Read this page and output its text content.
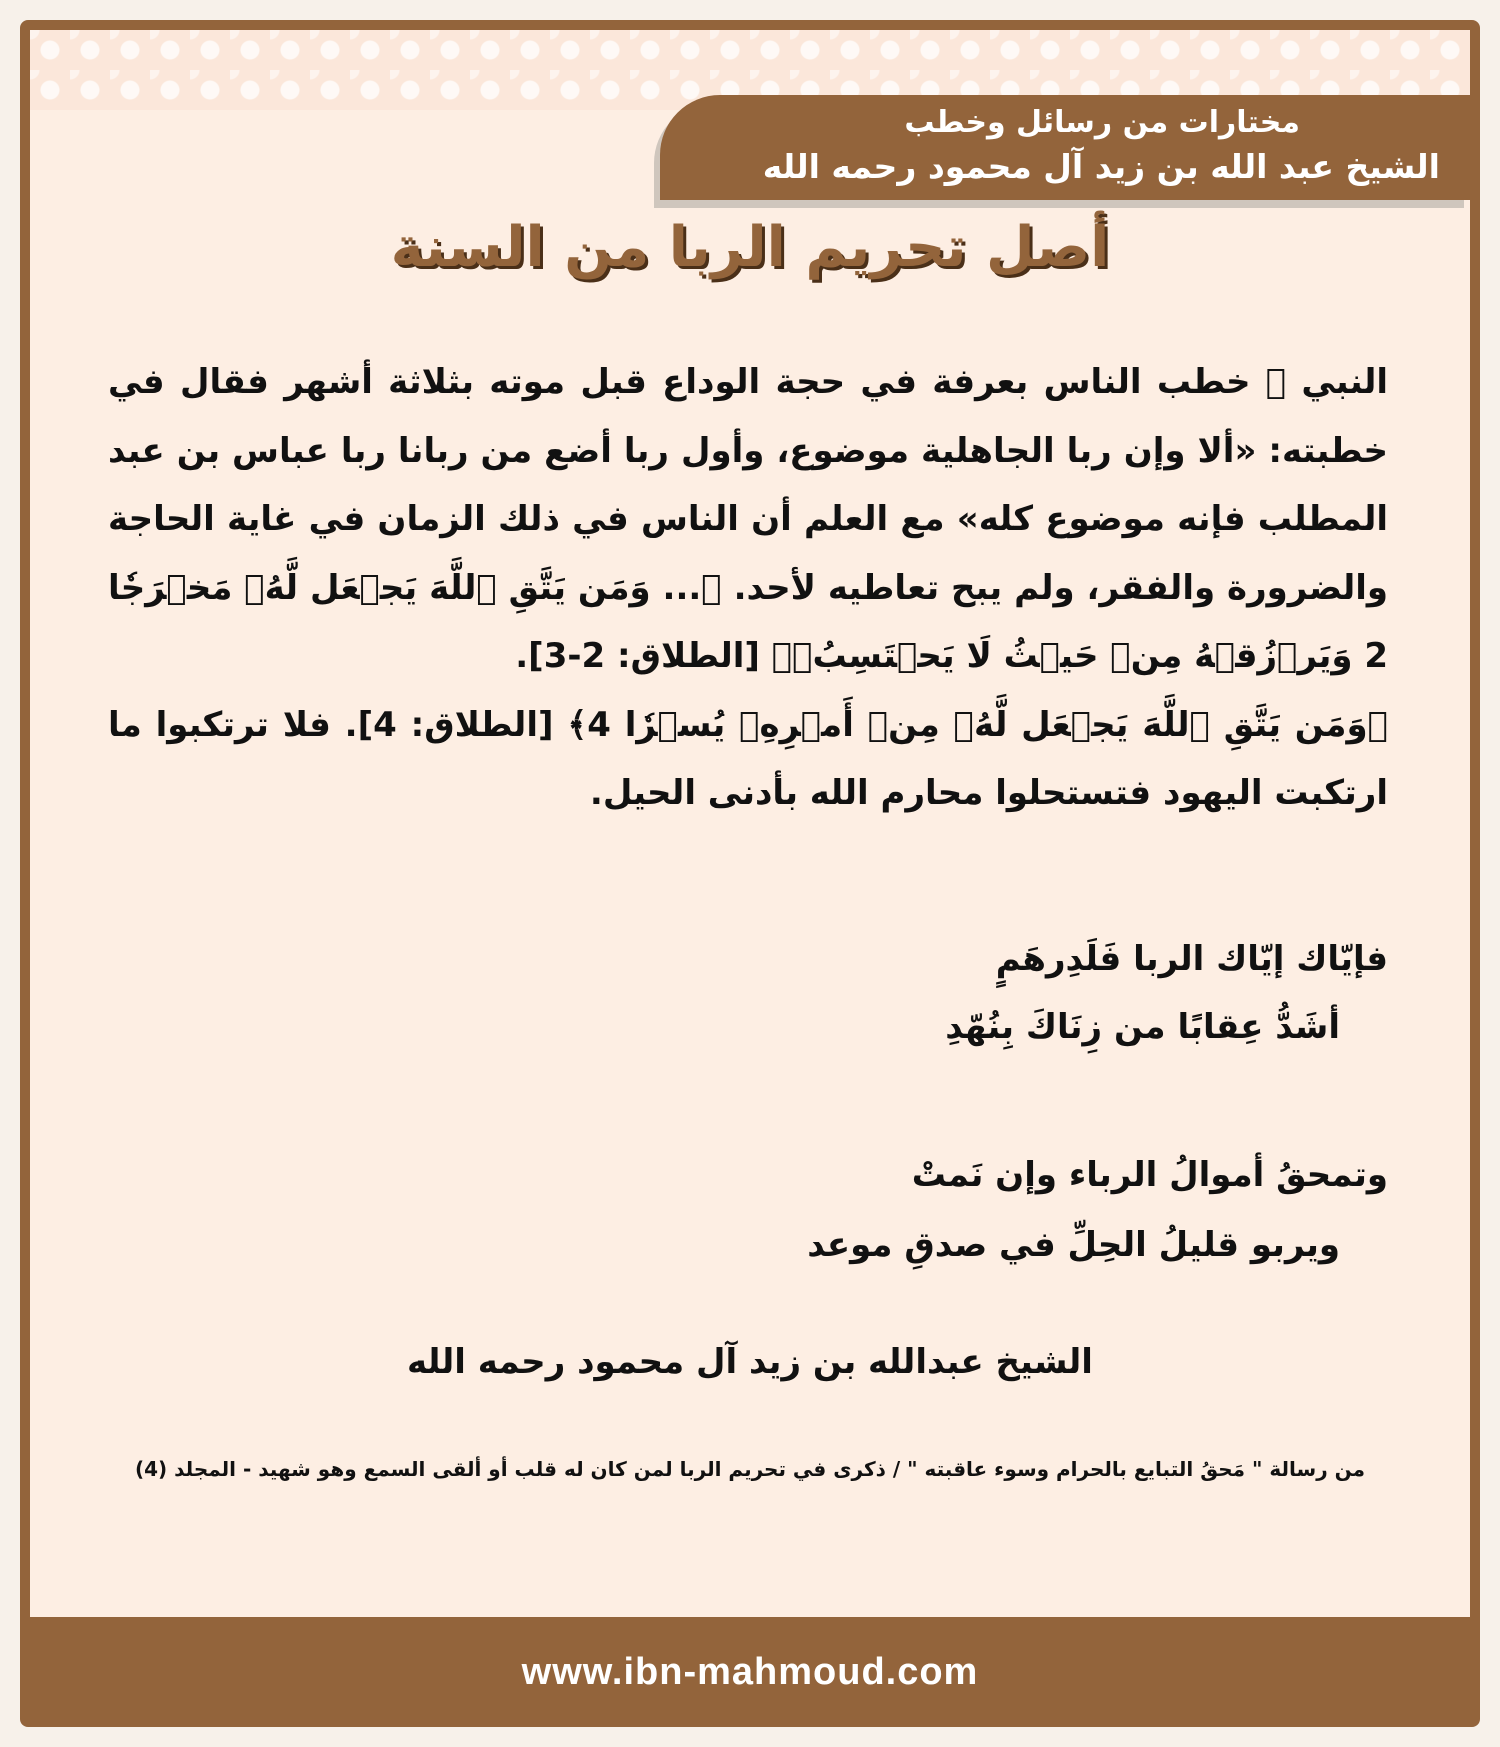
مختارات من رسائل وخطب
الشيخ عبد الله بن زيد آل محمود رحمه الله
أصل تحريم الربا من السنة

النبي ﷺ خطب الناس بعرفة في حجة الوداع قبل موته بثلاثة أشهر فقال في خطبته: «ألا وإن ربا الجاهلية موضوع، وأول ربا أضع من ربانا ربا عباس بن عبد المطلب فإنه موضوع كله» مع العلم أن الناس في ذلك الزمان في غاية الحاجة والضرورة والفقر، ولم يبح تعاطيه لأحد. ﴿... وَمَن يَتَّقِ ٱللَّهَ يَجۡعَل لَّهُۥ مَخۡرَجٗا 2 وَيَرۡزُقۡهُ مِنۡ حَيۡثُ لَا يَحۡتَسِبُۚ﴾ [الطلاق: 2-3].

﴿وَمَن يَتَّقِ ٱللَّهَ يَجۡعَل لَّهُۥ مِنۡ أَمۡرِهِۦ يُسۡرٗا 4﴾ [الطلاق: 4]. فلا ترتكبوا ما ارتكبت اليهود فتستحلوا محارم الله بأدنى الحيل.

فإيّاك إيّاك الربا فَلَدِرهَمٍ
أشَدُّ عِقابًا من زِنَاكَ بِنُهّدِ
وتمحقُ أموالُ الرباء وإن نَمتْ
ويربو قليلُ الحِلِّ في صدقِ موعد
الشيخ عبدالله بن زيد آل محمود رحمه الله
من رسالة " مَحقُ التبايع بالحرام وسوء عاقبته " / ذكرى في تحريم الربا لمن كان له قلب أو ألقى السمع وهو شهيد - المجلد (4)
www.ibn-mahmoud.com
